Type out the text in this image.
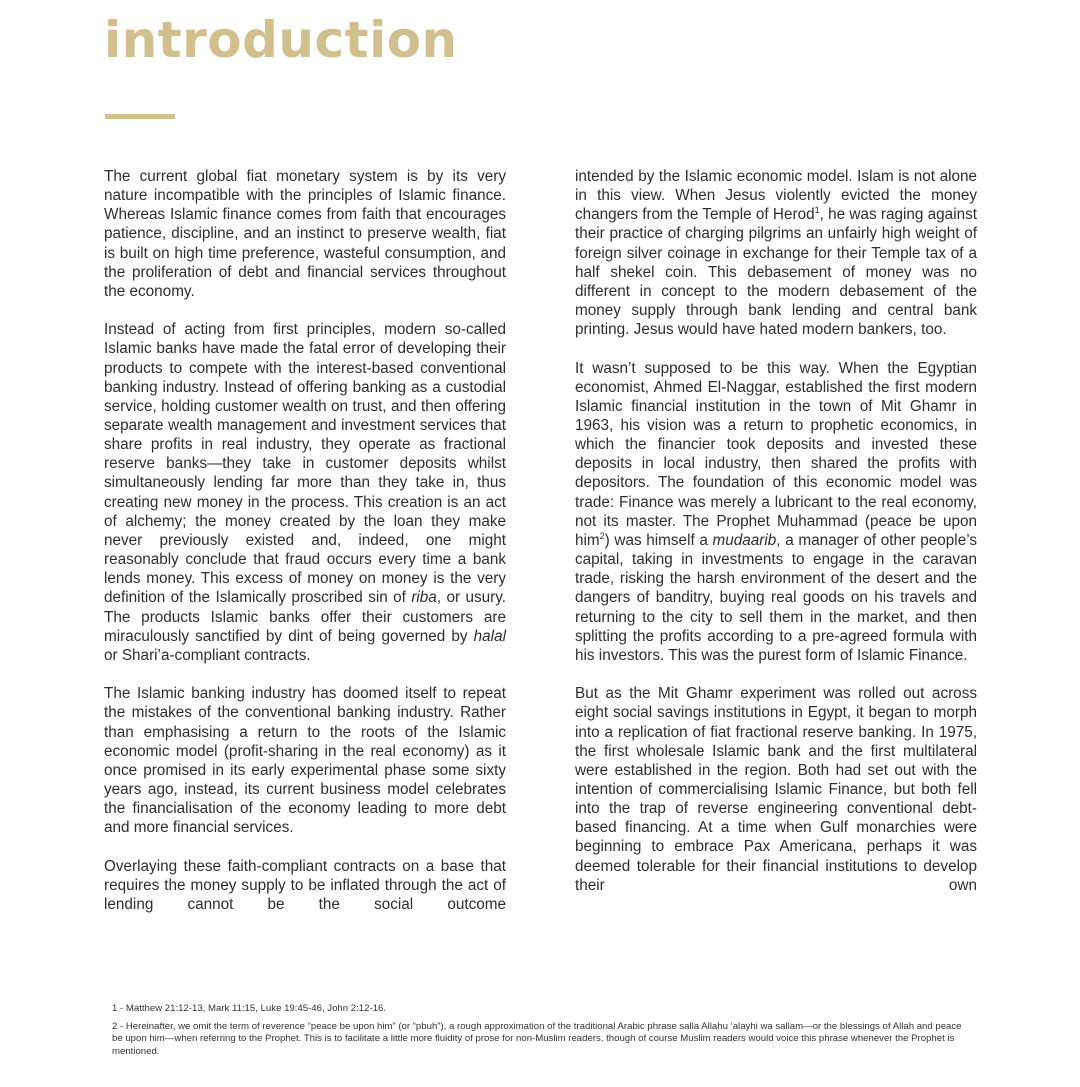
introduction

The current global fiat monetary system is by its very nature incompatible with the principles of Islamic finance. Whereas Islamic finance comes from faith that encourages patience, discipline, and an instinct to preserve wealth, fiat is built on high time preference, wasteful consumption, and the proliferation of debt and financial services throughout the economy.

Instead of acting from first principles, modern so-called Islamic banks have made the fatal error of developing their products to compete with the interest-based conventional banking industry. Instead of offering banking as a custodial service, holding customer wealth on trust, and then offering separate wealth management and investment services that share profits in real industry, they operate as fractional reserve banks—they take in customer deposits whilst simultaneously lending far more than they take in, thus creating new money in the process. This creation is an act of alchemy; the money created by the loan they make never previously existed and, indeed, one might reasonably conclude that fraud occurs every time a bank lends money. This excess of money on money is the very definition of the Islamically proscribed sin of riba, or usury. The products Islamic banks offer their customers are miraculously sanctified by dint of being governed by halal or Shari’a-compliant contracts.

The Islamic banking industry has doomed itself to repeat the mistakes of the conventional banking industry. Rather than emphasising a return to the roots of the Islamic economic model (profit-sharing in the real economy) as it once promised in its early experimental phase some sixty years ago, instead, its current business model celebrates the financialisation of the economy leading to more debt and more financial services.

Overlaying these faith-compliant contracts on a base that requires the money supply to be inflated through the act of lending cannot be the social outcome

intended by the Islamic economic model. Islam is not alone in this view. When Jesus violently evicted the money changers from the Temple of Herod$^1$, he was raging against their practice of charging pilgrims an unfairly high weight of foreign silver coinage in exchange for their Temple tax of a half shekel coin. This debasement of money was no different in concept to the modern debasement of the money supply through bank lending and central bank printing. Jesus would have hated modern bankers, too.

It wasn’t supposed to be this way. When the Egyptian economist, Ahmed El-Naggar, established the first modern Islamic financial institution in the town of Mit Ghamr in 1963, his vision was a return to prophetic economics, in which the financier took deposits and invested these deposits in local industry, then shared the profits with depositors. The foundation of this economic model was trade: Finance was merely a lubricant to the real economy, not its master. The Prophet Muhammad (peace be upon him$^2$) was himself a mudaarib, a manager of other people’s capital, taking in investments to engage in the caravan trade, risking the harsh environment of the desert and the dangers of banditry, buying real goods on his travels and returning to the city to sell them in the market, and then splitting the profits according to a pre-agreed formula with his investors. This was the purest form of Islamic Finance.

But as the Mit Ghamr experiment was rolled out across eight social savings institutions in Egypt, it began to morph into a replication of fiat fractional reserve banking. In 1975, the first wholesale Islamic bank and the first multilateral were established in the region. Both had set out with the intention of commercialising Islamic Finance, but both fell into the trap of reverse engineering conventional debt-based financing. At a time when Gulf monarchies were beginning to embrace Pax Americana, perhaps it was deemed tolerable for their financial institutions to develop their own

1 - Matthew 21:12-13, Mark 11:15, Luke 19:45-46, John 2:12-16.
2 - Hereinafter, we omit the term of reverence “peace be upon him” (or “pbuh”), a rough approximation of the traditional Arabic phrase salla Allahu ‘alayhi wa sallam—or the blessings of Allah and peace be upon him—when referring to the Prophet. This is to facilitate a little more fluidity of prose for non-Muslim readers, though of course Muslim readers would voice this phrase whenever the Prophet is mentioned.
